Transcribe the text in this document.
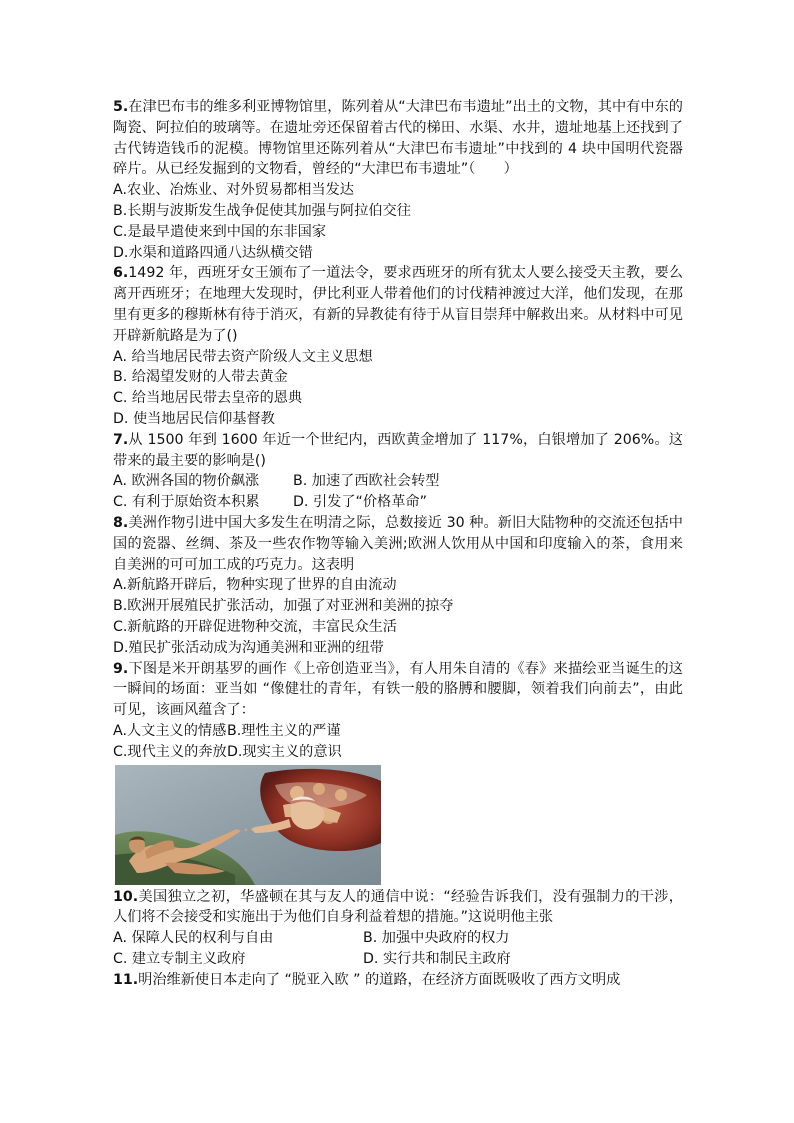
5.在津巴布韦的维多利亚博物馆里，陈列着从“大津巴布韦遗址”出土的文物，其中有中东的陶瓷、阿拉伯的玻璃等。在遗址旁还保留着古代的梯田、水渠、水井，遗址地基上还找到了古代铸造钱币的泥模。博物馆里还陈列着从“大津巴布韦遗址”中找到的 4 块中国明代瓷器碎片。从已经发掘到的文物看，曾经的“大津巴布韦遗址”（　　）

A.农业、冶炼业、对外贸易都相当发达

B.长期与波斯发生战争促使其加强与阿拉伯交往

C.是最早遣使来到中国的东非国家

D.水渠和道路四通八达纵横交错

6.1492 年，西班牙女王颁布了一道法令，要求西班牙的所有犹太人要么接受天主教，要么离开西班牙；在地理大发现时，伊比利亚人带着他们的讨伐精神渡过大洋，他们发现，在那里有更多的穆斯林有待于消灭，有新的异教徒有待于从盲目崇拜中解救出来。从材料中可见开辟新航路是为了()

A. 给当地居民带去资产阶级人文主义思想

B. 给渴望发财的人带去黄金

C. 给当地居民带去皇帝的恩典

D. 使当地居民信仰基督教

7.从 1500 年到 1600 年近一个世纪内，西欧黄金增加了 117%，白银增加了 206%。这带来的最主要的影响是()

A. 欧洲各国的物价飙涨	B. 加速了西欧社会转型
C. 有利于原始资本积累	D. 引发了“价格革命”

8.美洲作物引进中国大多发生在明清之际，总数接近 30 种。新旧大陆物种的交流还包括中国的瓷器、丝绸、茶及一些农作物等输入美洲;欧洲人饮用从中国和印度输入的茶，食用来自美洲的可可加工成的巧克力。这表明

A.新航路开辟后，物种实现了世界的自由流动

B.欧洲开展殖民扩张活动，加强了对亚洲和美洲的掠夺

C.新航路的开辟促进物种交流，丰富民众生活

D.殖民扩张活动成为沟通美洲和亚洲的纽带

9.下图是米开朗基罗的画作《上帝创造亚当》，有人用朱自清的《春》来描绘亚当诞生的这一瞬间的场面：亚当如 “像健壮的青年，有铁一般的胳膊和腰脚，领着我们向前去”，由此可见，该画风蕴含了：

A.人文主义的情感 B.理性主义的严谨
C.现代主义的奔放 D.现实主义的意识

10.美国独立之初，华盛顿在其与友人的通信中说：“经验告诉我们，没有强制力的干涉，人们将不会接受和实施出于为他们自身利益着想的措施。”这说明他主张

A. 保障人民的权利与自由	B. 加强中央政府的权力
C. 建立专制主义政府	D. 实行共和制民主政府

11.明治维新使日本走向了 “脱亚入欧 ” 的道路，在经济方面既吸收了西方文明成
